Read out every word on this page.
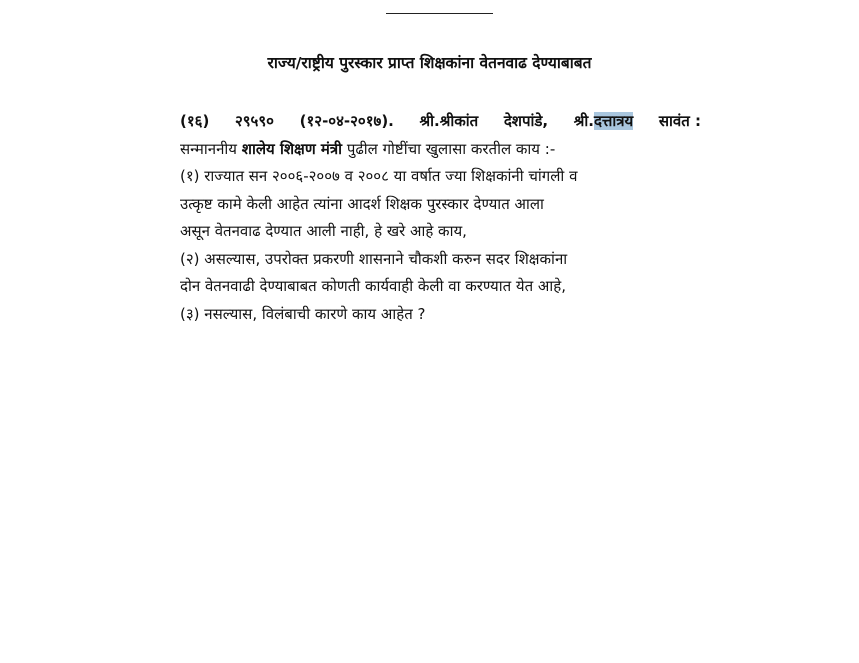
राज्य/राष्ट्रीय पुरस्कार प्राप्त शिक्षकांना वेतनवाढ देण्याबाबत
(१६) २९५९० (१२-०४-२०१७). श्री.श्रीकांत देशपांडे, श्री.दत्तात्रय सावंत :
सन्माननीय शालेय शिक्षण मंत्री पुढील गोष्टींचा खुलासा करतील काय :-
(१) राज्यात सन २००६-२००७ व २००८ या वर्षात ज्या शिक्षकांनी चांगली व
उत्कृष्ट कामे केली आहेत त्यांना आदर्श शिक्षक पुरस्कार देण्यात आला
असून वेतनवाढ देण्यात आली नाही, हे खरे आहे काय,
(२) असल्यास, उपरोक्त प्रकरणी शासनाने चौकशी करुन सदर शिक्षकांना
दोन वेतनवाढी देण्याबाबत कोणती कार्यवाही केली वा करण्यात येत आहे,
(३) नसल्यास, विलंबाची कारणे काय आहेत ?
